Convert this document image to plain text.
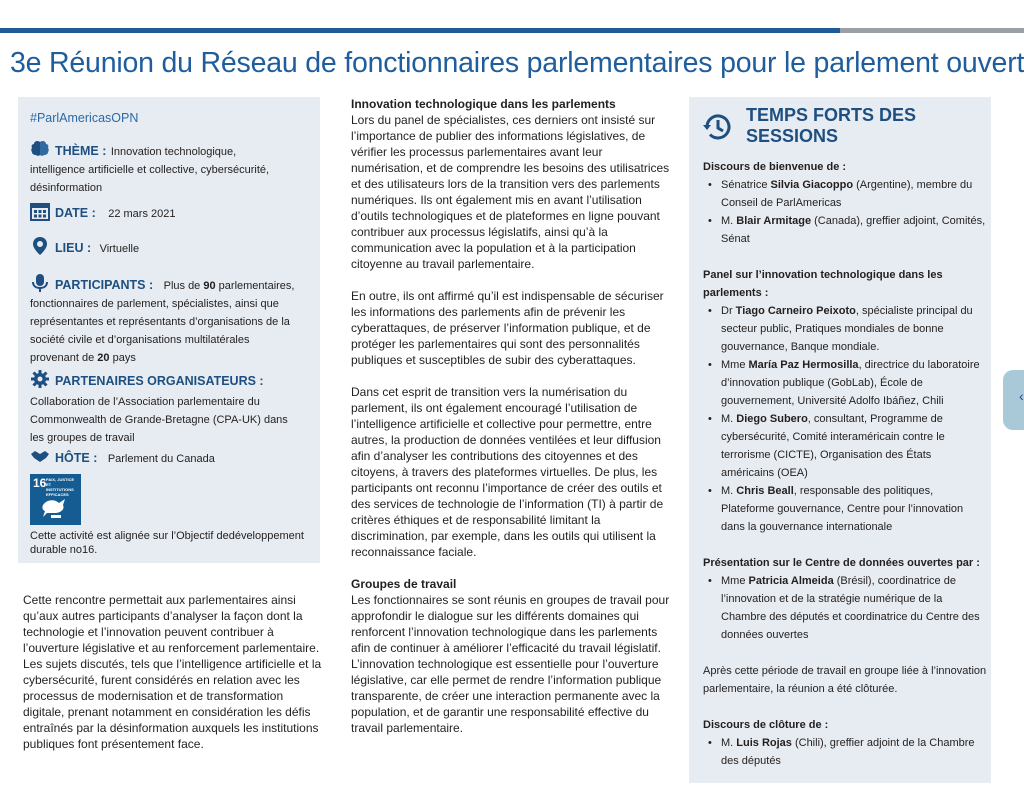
3e Réunion du Réseau de fonctionnaires parlementaires pour le parlement ouvert
#ParlAmericasOPN
THÈME : Innovation technologique,
intelligence artificielle et collective, cybersécurité,
désinformation
DATE : 22 mars 2021
LIEU : Virtuelle
PARTICIPANTS : Plus de 90 parlementaires,
fonctionnaires de parlement, spécialistes, ainsi que
représentantes et représentants d’organisations de la
société civile et d’organisations multilatérales
provenant de 20 pays
PARTENAIRES ORGANISATEURS :
Collaboration de l’Association parlementaire du
Commonwealth de Grande-Bretagne (CPA-UK) dans
les groupes de travail
HÔTE : Parlement du Canada
16 PAIX, JUSTICE ET INSTITUTIONS EFFICACES
Cette activité est alignée sur l’Objectif dedéveloppement durable no16.
Cette rencontre permettait aux parlementaires ainsi qu’aux autres participants d’analyser la façon dont la technologie et l’innovation peuvent contribuer à l’ouverture législative et au renforcement parlementaire. Les sujets discutés, tels que l’intelligence artificielle et la cybersécurité, furent considérés en relation avec les processus de modernisation et de transformation digitale, prenant notamment en considération les défis entraînés par la désinformation auxquels les institutions publiques font présentement face.
Innovation technologique dans les parlements

Lors du panel de spécialistes, ces derniers ont insisté sur l’importance de publier des informations législatives, de vérifier les processus parlementaires avant leur numérisation, et de comprendre les besoins des utilisatrices et des utilisateurs lors de la transition vers des parlements numériques. Ils ont également mis en avant l’utilisation d’outils technologiques et de plateformes en ligne pouvant contribuer aux processus législatifs, ainsi qu’à la communication avec la population et à la participation citoyenne au travail parlementaire.

En outre, ils ont affirmé qu’il est indispensable de sécuriser les informations des parlements afin de prévenir les cyberattaques, de préserver l’information publique, et de protéger les parlementaires qui sont des personnalités publiques et susceptibles de subir des cyberattaques.

Dans cet esprit de transition vers la numérisation du parlement, ils ont également encouragé l’utilisation de l’intelligence artificielle et collective pour permettre, entre autres, la production de données ventilées et leur diffusion afin d’analyser les contributions des citoyennes et des citoyens, à travers des plateformes virtuelles. De plus, les participants ont reconnu l’importance de créer des outils et des services de technologie de l’information (TI) à partir de critères éthiques et de responsabilité limitant la discrimination, par exemple, dans les outils qui utilisent la reconnaissance faciale.

Groupes de travail

Les fonctionnaires se sont réunis en groupes de travail pour approfondir le dialogue sur les différents domaines qui renforcent l’innovation technologique dans les parlements afin de continuer à améliorer l’efficacité du travail législatif. L’innovation technologique est essentielle pour l’ouverture législative, car elle permet de rendre l’information publique transparente, de créer une interaction permanente avec la population, et de garantir une responsabilité effective du travail parlementaire.

TEMPS FORTS DES
SESSIONS
Discours de bienvenue de :
• Sénatrice Silvia Giacoppo (Argentine), membre du Conseil de ParlAmericas
• M. Blair Armitage (Canada), greffier adjoint, Comités, Sénat
Panel sur l’innovation technologique dans les parlements :
• Dr Tiago Carneiro Peixoto, spécialiste principal du secteur public, Pratiques mondiales de bonne gouvernance, Banque mondiale.
• Mme María Paz Hermosilla, directrice du laboratoire d’innovation publique (GobLab), École de gouvernement, Université Adolfo Ibáñez, Chili
• M. Diego Subero, consultant, Programme de cybersécurité, Comité interaméricain contre le terrorisme (CICTE), Organisation des États américains (OEA)
• M. Chris Beall, responsable des politiques, Plateforme gouvernance, Centre pour l’innovation dans la gouvernance internationale
Présentation sur le Centre de données ouvertes par :
• Mme Patricia Almeida (Brésil), coordinatrice de l’innovation et de la stratégie numérique de la Chambre des députés et coordinatrice du Centre des données ouvertes
Après cette période de travail en groupe liée à l’innovation parlementaire, la réunion a été clôturée.
Discours de clôture de :
• M. Luis Rojas (Chili), greffier adjoint de la Chambre des députés
‹
